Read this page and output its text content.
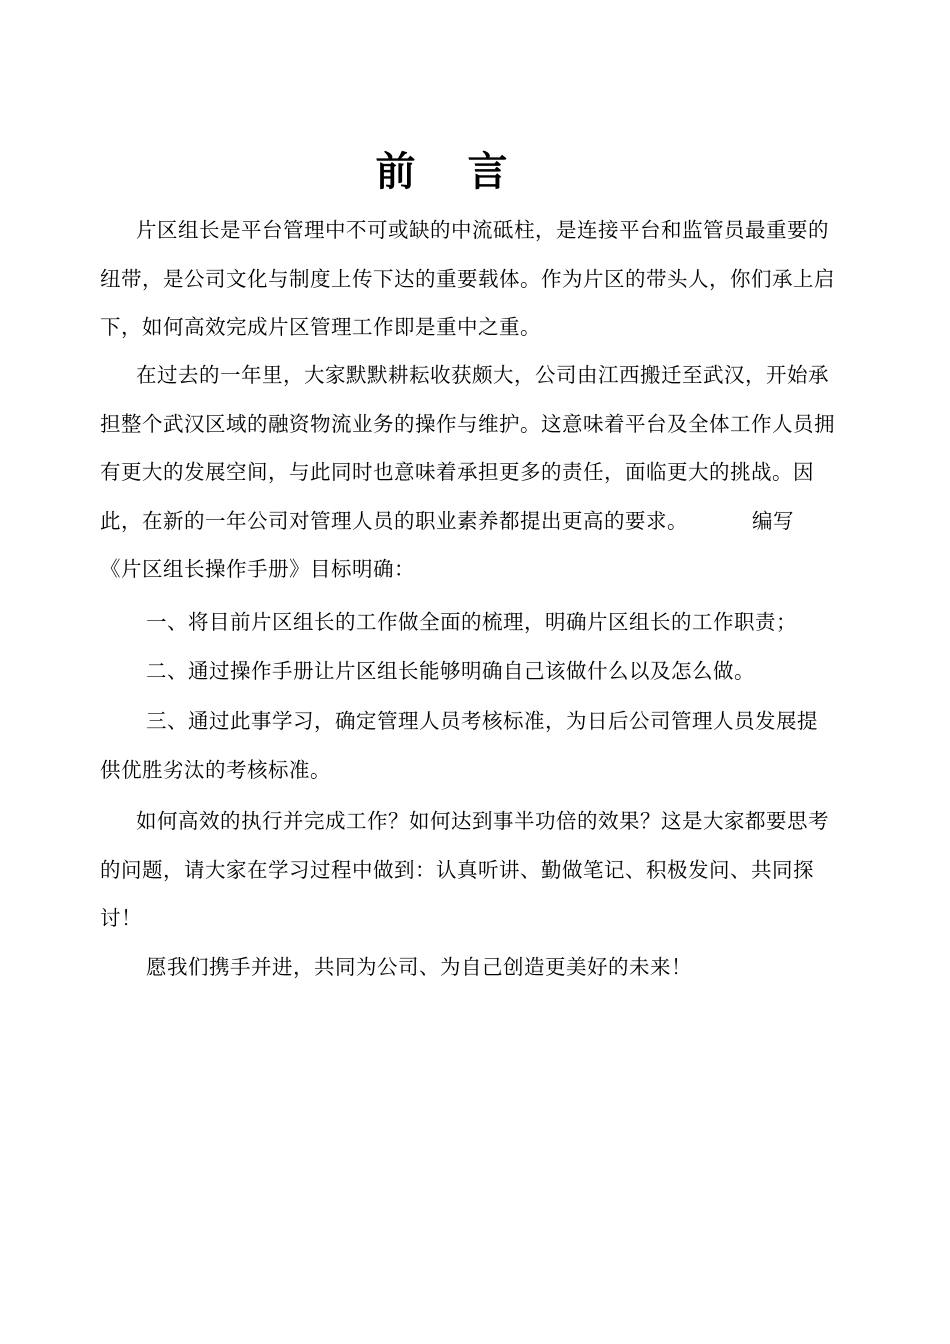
前言

片区组长是平台管理中不可或缺的中流砥柱，是连接平台和监管员最重要的纽带，是公司文化与制度上传下达的重要载体。作为片区的带头人，你们承上启下，如何高效完成片区管理工作即是重中之重。

在过去的一年里，大家默默耕耘收获颇大，公司由江西搬迁至武汉，开始承担整个武汉区域的融资物流业务的操作与维护。这意味着平台及全体工作人员拥有更大的发展空间，与此同时也意味着承担更多的责任，面临更大的挑战。因此，在新的一年公司对管理人员的职业素养都提出更高的要求。	编写《片区组长操作手册》目标明确：

一、将目前片区组长的工作做全面的梳理，明确片区组长的工作职责；

二、通过操作手册让片区组长能够明确自己该做什么以及怎么做。

三、通过此事学习，确定管理人员考核标准，为日后公司管理人员发展提供优胜劣汰的考核标准。

如何高效的执行并完成工作？如何达到事半功倍的效果？这是大家都要思考的问题，请大家在学习过程中做到：认真听讲、勤做笔记、积极发问、共同探讨！

愿我们携手并进，共同为公司、为自己创造更美好的未来！
